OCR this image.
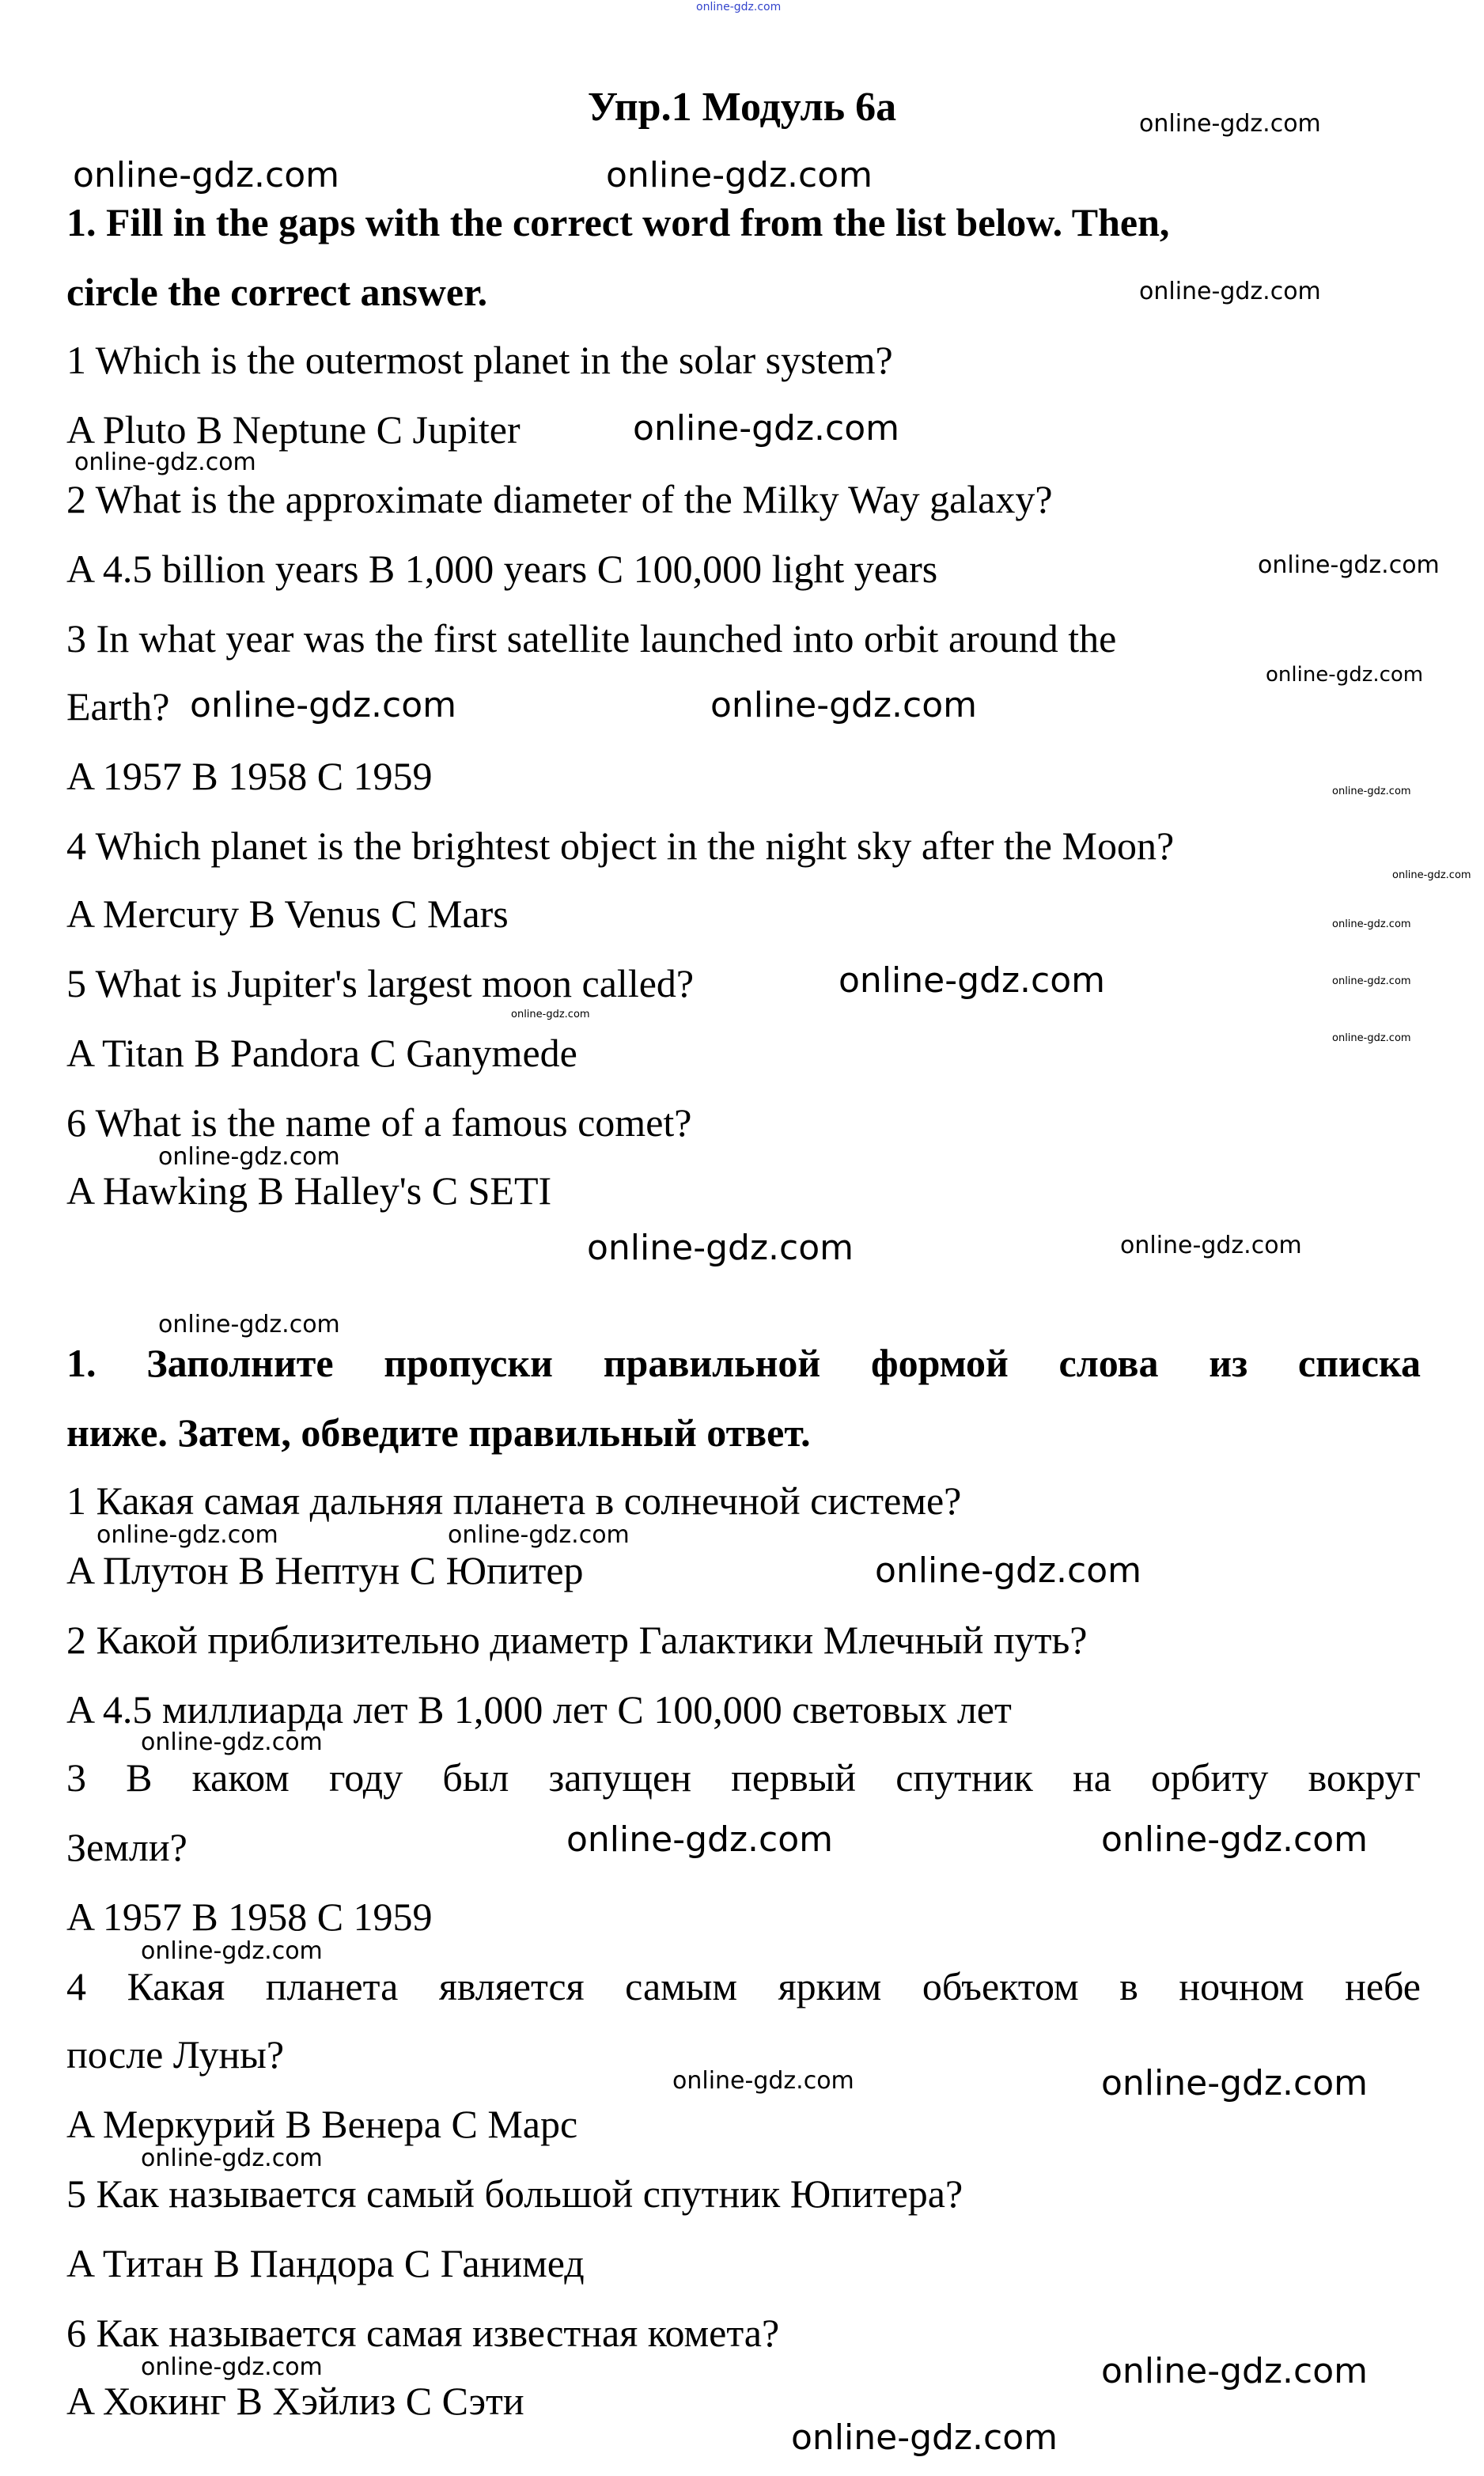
online-gdz.com
Упр.1 Модуль 6а
1. Fill in the gaps with the correct word from the list below. Then,
circle the correct answer.
1 Which is the outermost planet in the solar system?
A Pluto B Neptune C Jupiter
2 What is the approximate diameter of the Milky Way galaxy?
A 4.5 billion years B 1,000 years C 100,000 light years
3 In what year was the first satellite launched into orbit around the
Earth?
A 1957 B 1958 C 1959
4 Which planet is the brightest object in the night sky after the Moon?
A Mercury B Venus C Mars
5 What is Jupiter's largest moon called?
A Titan B Pandora C Ganymede
6 What is the name of a famous comet?
A Hawking B Halley's C SETI
1. Заполните пропуски правильной формой слова из списка
ниже. Затем, обведите правильный ответ.
1 Какая самая дальняя планета в солнечной системе?
A Плутон B Нептун C Юпитер
2 Какой приблизительно диаметр Галактики Млечный путь?
A 4.5 миллиарда лет B 1,000 лет C 100,000 световых лет
3 В каком году был запущен первый спутник на орбиту вокруг
Земли?
A 1957 B 1958 C 1959
4 Какая планета является самым ярким объектом в ночном небе
после Луны?
A Меркурий B Венера C Марс
5 Как называется самый большой спутник Юпитера?
A Титан B Пандора C Ганимед
6 Как называется самая известная комета?
A Хокинг B Хэйлиз C Сэти
online-gdz.com
online-gdz.com	online-gdz.com
online-gdz.com
online-gdz.com
online-gdz.com
online-gdz.com
online-gdz.com
online-gdz.com
online-gdz.com
online-gdz.com
online-gdz.com
online-gdz.com
online-gdz.com	online-gdz.com
online-gdz.com
online-gdz.com
online-gdz.com
online-gdz.com	online-gdz.com
online-gdz.com
online-gdz.com	online-gdz.com
online-gdz.com
online-gdz.com
online-gdz.com	online-gdz.com
online-gdz.com
online-gdz.com	online-gdz.com
online-gdz.com
online-gdz.com
online-gdz.com
online-gdz.com
